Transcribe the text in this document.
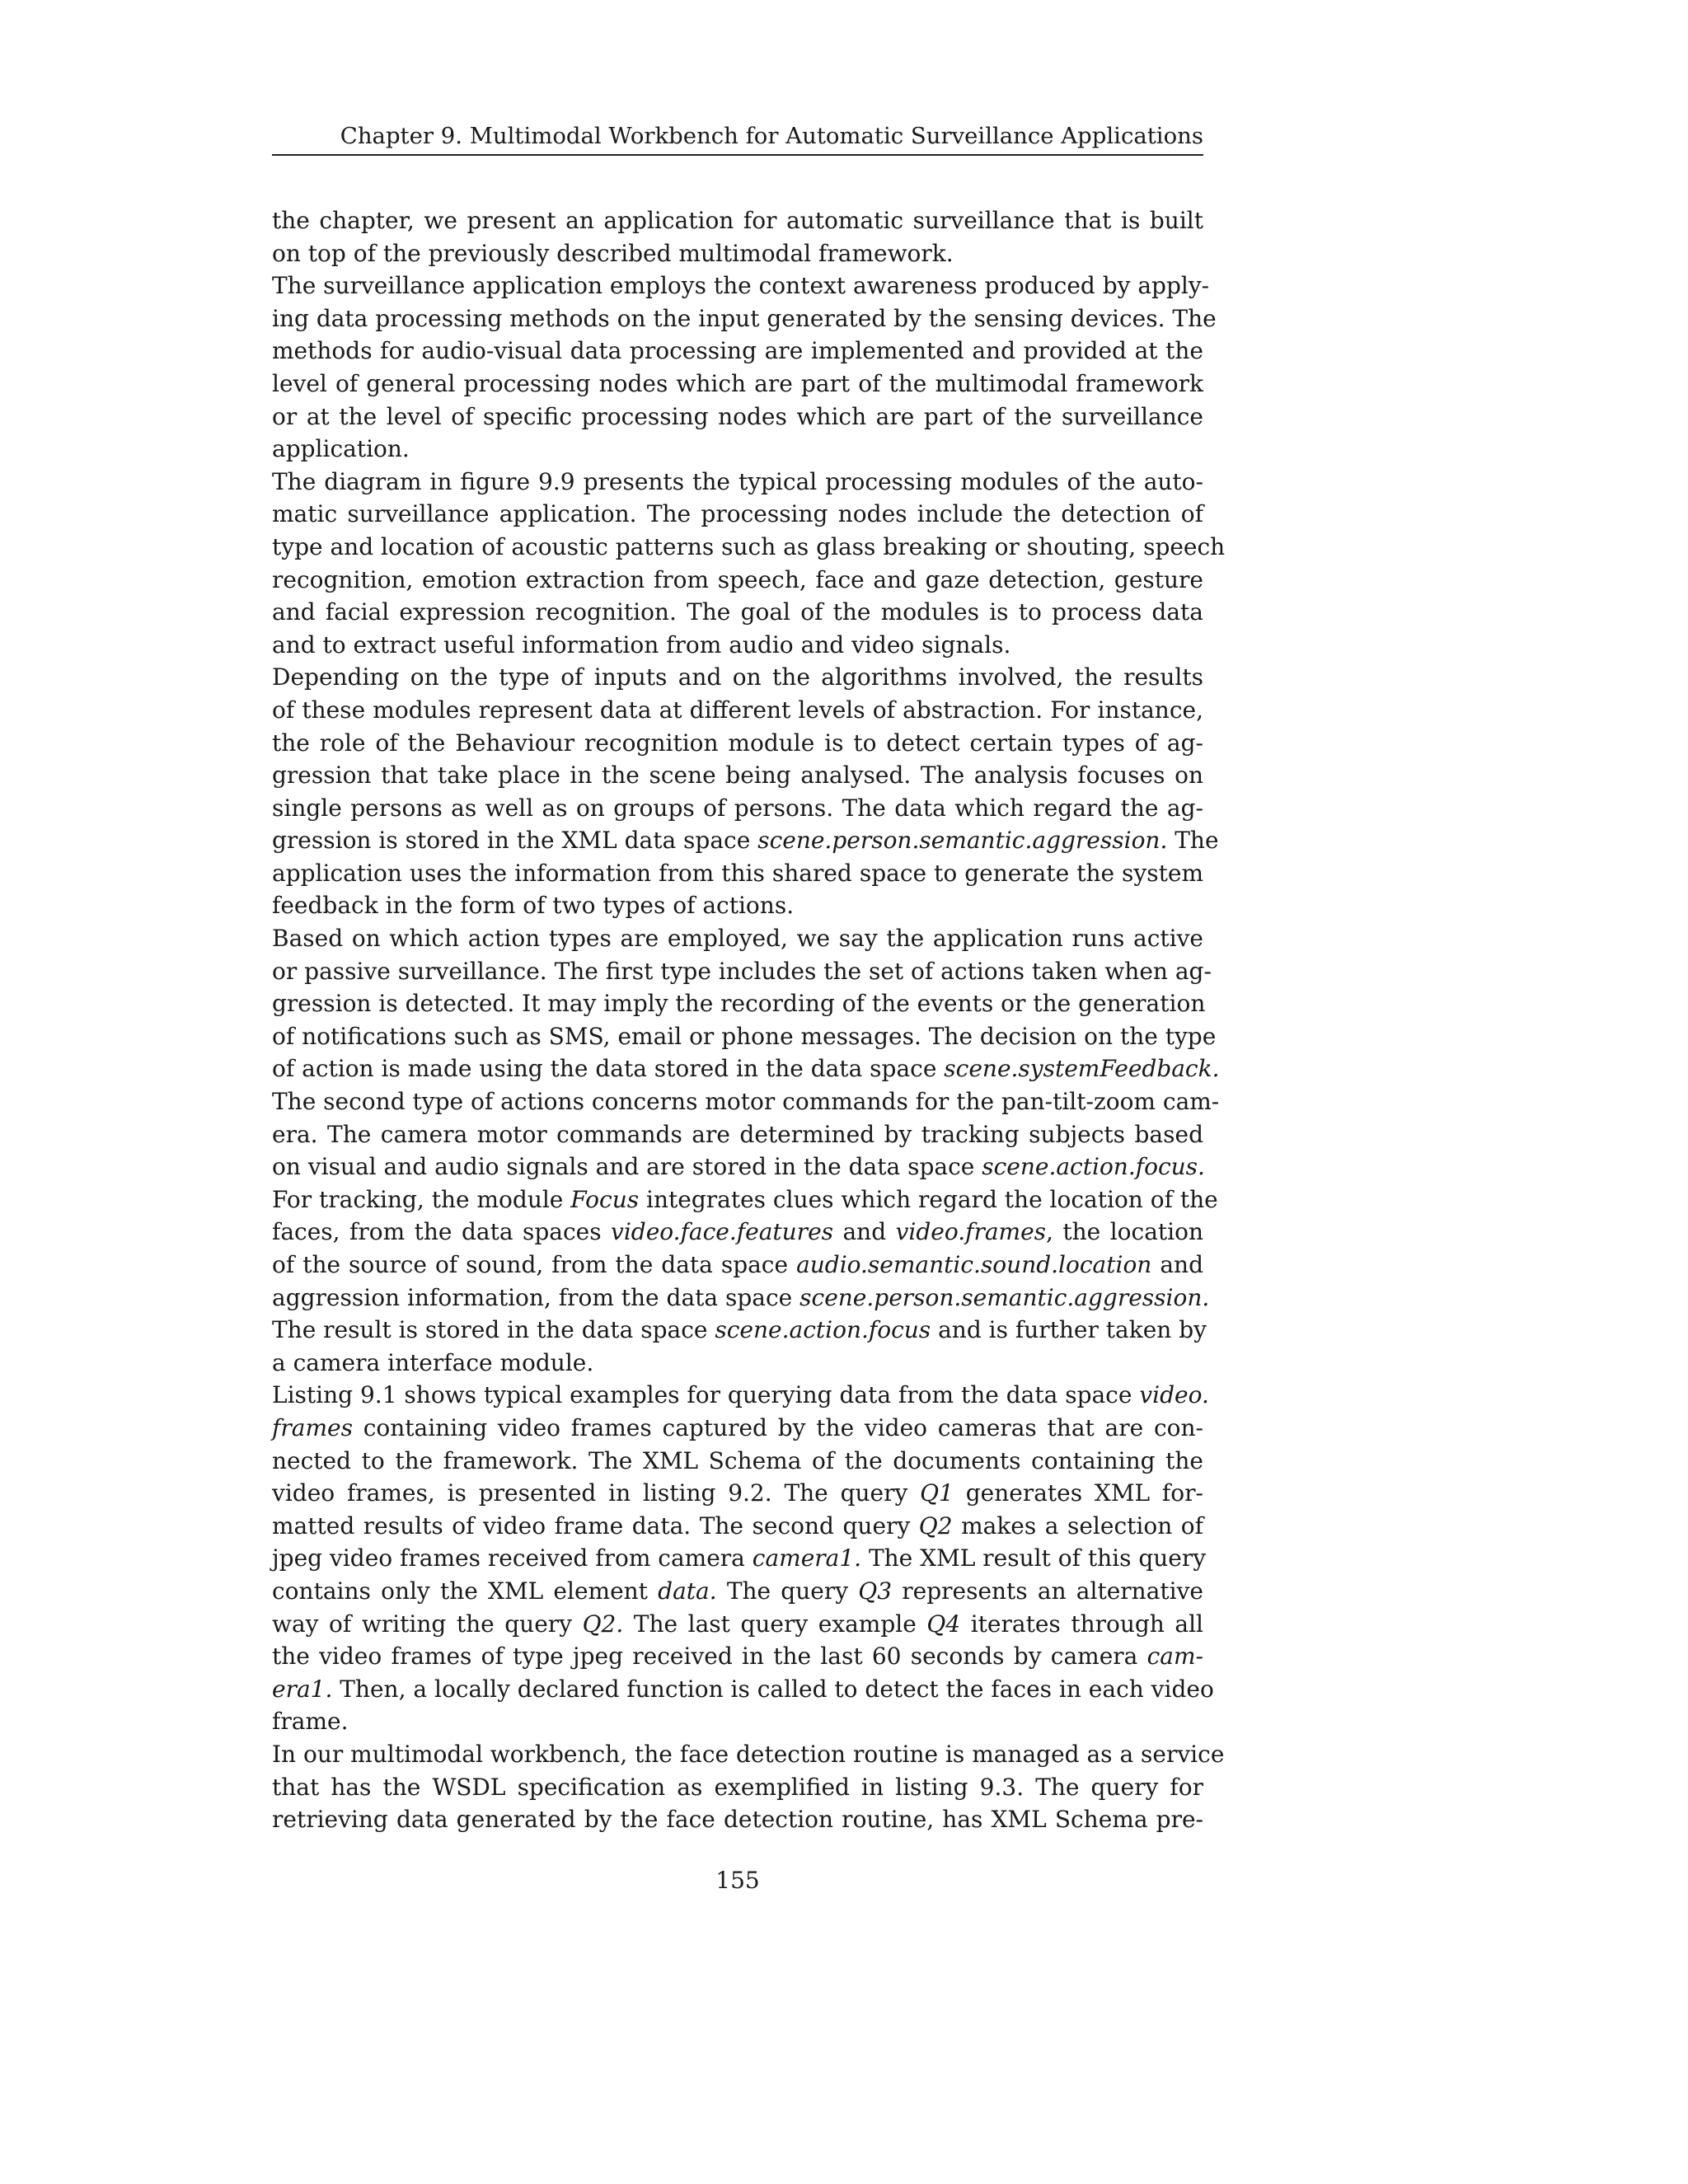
Chapter 9. Multimodal Workbench for Automatic Surveillance Applications
the chapter, we present an application for automatic surveillance that is built
on top of the previously described multimodal framework.
The surveillance application employs the context awareness produced by apply-
ing data processing methods on the input generated by the sensing devices. The
methods for audio-visual data processing are implemented and provided at the
level of general processing nodes which are part of the multimodal framework
or at the level of specific processing nodes which are part of the surveillance
application.
The diagram in figure 9.9 presents the typical processing modules of the auto-
matic surveillance application. The processing nodes include the detection of
type and location of acoustic patterns such as glass breaking or shouting, speech
recognition, emotion extraction from speech, face and gaze detection, gesture
and facial expression recognition. The goal of the modules is to process data
and to extract useful information from audio and video signals.
Depending on the type of inputs and on the algorithms involved, the results
of these modules represent data at different levels of abstraction. For instance,
the role of the Behaviour recognition module is to detect certain types of ag-
gression that take place in the scene being analysed. The analysis focuses on
single persons as well as on groups of persons. The data which regard the ag-
gression is stored in the XML data space scene.person.semantic.aggression. The
application uses the information from this shared space to generate the system
feedback in the form of two types of actions.
Based on which action types are employed, we say the application runs active
or passive surveillance. The first type includes the set of actions taken when ag-
gression is detected. It may imply the recording of the events or the generation
of notifications such as SMS, email or phone messages. The decision on the type
of action is made using the data stored in the data space scene.systemFeedback.
The second type of actions concerns motor commands for the pan-tilt-zoom cam-
era. The camera motor commands are determined by tracking subjects based
on visual and audio signals and are stored in the data space scene.action.focus.
For tracking, the module Focus integrates clues which regard the location of the
faces, from the data spaces video.face.features and video.frames, the location
of the source of sound, from the data space audio.semantic.sound.location and
aggression information, from the data space scene.person.semantic.aggression.
The result is stored in the data space scene.action.focus and is further taken by
a camera interface module.
Listing 9.1 shows typical examples for querying data from the data space video.
frames containing video frames captured by the video cameras that are con-
nected to the framework. The XML Schema of the documents containing the
video frames, is presented in listing 9.2. The query Q1 generates XML for-
matted results of video frame data. The second query Q2 makes a selection of
jpeg video frames received from camera camera1. The XML result of this query
contains only the XML element data. The query Q3 represents an alternative
way of writing the query Q2. The last query example Q4 iterates through all
the video frames of type jpeg received in the last 60 seconds by camera cam-
era1. Then, a locally declared function is called to detect the faces in each video
frame.
In our multimodal workbench, the face detection routine is managed as a service
that has the WSDL specification as exemplified in listing 9.3. The query for
retrieving data generated by the face detection routine, has XML Schema pre-
155
